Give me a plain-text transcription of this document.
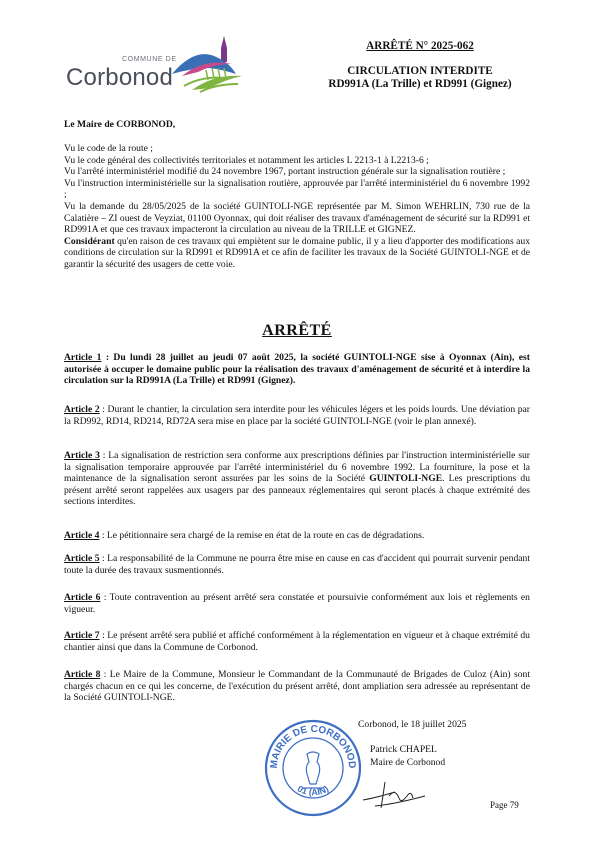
COMMUNE DE
Corbonod
ARRÊTÉ N° 2025-062
CIRCULATION INTERDITE
RD991A (La Trille) et RD991 (Gignez)
Le Maire de CORBONOD,
Vu le code de la route ;
Vu le code général des collectivités territoriales et notamment les articles L 2213-1 à L2213-6 ;
Vu l'arrêté interministériel modifié du 24 novembre 1967, portant instruction générale sur la signalisation routière ;
Vu l'instruction interministérielle sur la signalisation routière, approuvée par l'arrêté interministériel du 6 novembre 1992 ;
Vu la demande du 28/05/2025 de la société GUINTOLI-NGE représentée par M. Simon WEHRLIN, 730 rue de la Calatière – ZI ouest de Veyziat, 01100 Oyonnax, qui doit réaliser des travaux d'aménagement de sécurité sur la RD991 et RD991A et que ces travaux impacteront la circulation au niveau de la TRILLE et GIGNEZ.
Considérant qu'en raison de ces travaux qui empiètent sur le domaine public, il y a lieu d'apporter des modifications aux conditions de circulation sur la RD991 et RD991A et ce afin de faciliter les travaux de la Société GUINTOLI-NGE et de garantir la sécurité des usagers de cette voie.
ARRÊTÉ
Article 1 : Du lundi 28 juillet au jeudi 07 août 2025, la société GUINTOLI-NGE sise à Oyonnax (Ain), est autorisée à occuper le domaine public pour la réalisation des travaux d'aménagement de sécurité et à interdire la circulation sur la RD991A (La Trille) et RD991 (Gignez).
Article 2 : Durant le chantier, la circulation sera interdite pour les véhicules légers et les poids lourds. Une déviation par la RD992, RD14, RD214, RD72A sera mise en place par la société GUINTOLI-NGE (voir le plan annexé).
Article 3 : La signalisation de restriction sera conforme aux prescriptions définies par l'instruction interministérielle sur la signalisation temporaire approuvée par l'arrêté interministériel du 6 novembre 1992. La fourniture, la pose et la maintenance de la signalisation seront assurées par les soins de la Société GUINTOLI-NGE. Les prescriptions du présent arrêté seront rappelées aux usagers par des panneaux réglementaires qui seront placés à chaque extrémité des sections interdites.
Article 4 : Le pétitionnaire sera chargé de la remise en état de la route en cas de dégradations.
Article 5 : La responsabilité de la Commune ne pourra être mise en cause en cas d'accident qui pourrait survenir pendant toute la durée des travaux susmentionnés.
Article 6 : Toute contravention au présent arrêté sera constatée et poursuivie conformément aux lois et règlements en vigueur.
Article 7 : Le présent arrêté sera publié et affiché conformément à la réglementation en vigueur et à chaque extrémité du chantier ainsi que dans la Commune de Corbonod.
Article 8 : Le Maire de la Commune, Monsieur le Commandant de la Communauté de Brigades de Culoz (Ain) sont chargés chacun en ce qui les concerne, de l'exécution du présent arrêté, dont ampliation sera adressée au représentant de la Société GUINTOLI-NGE.
Corbonod, le 18 juillet 2025
Patrick CHAPEL
Maire de Corbonod
MAIRIE DE CORBONOD
01 (AIN)
Page 79
